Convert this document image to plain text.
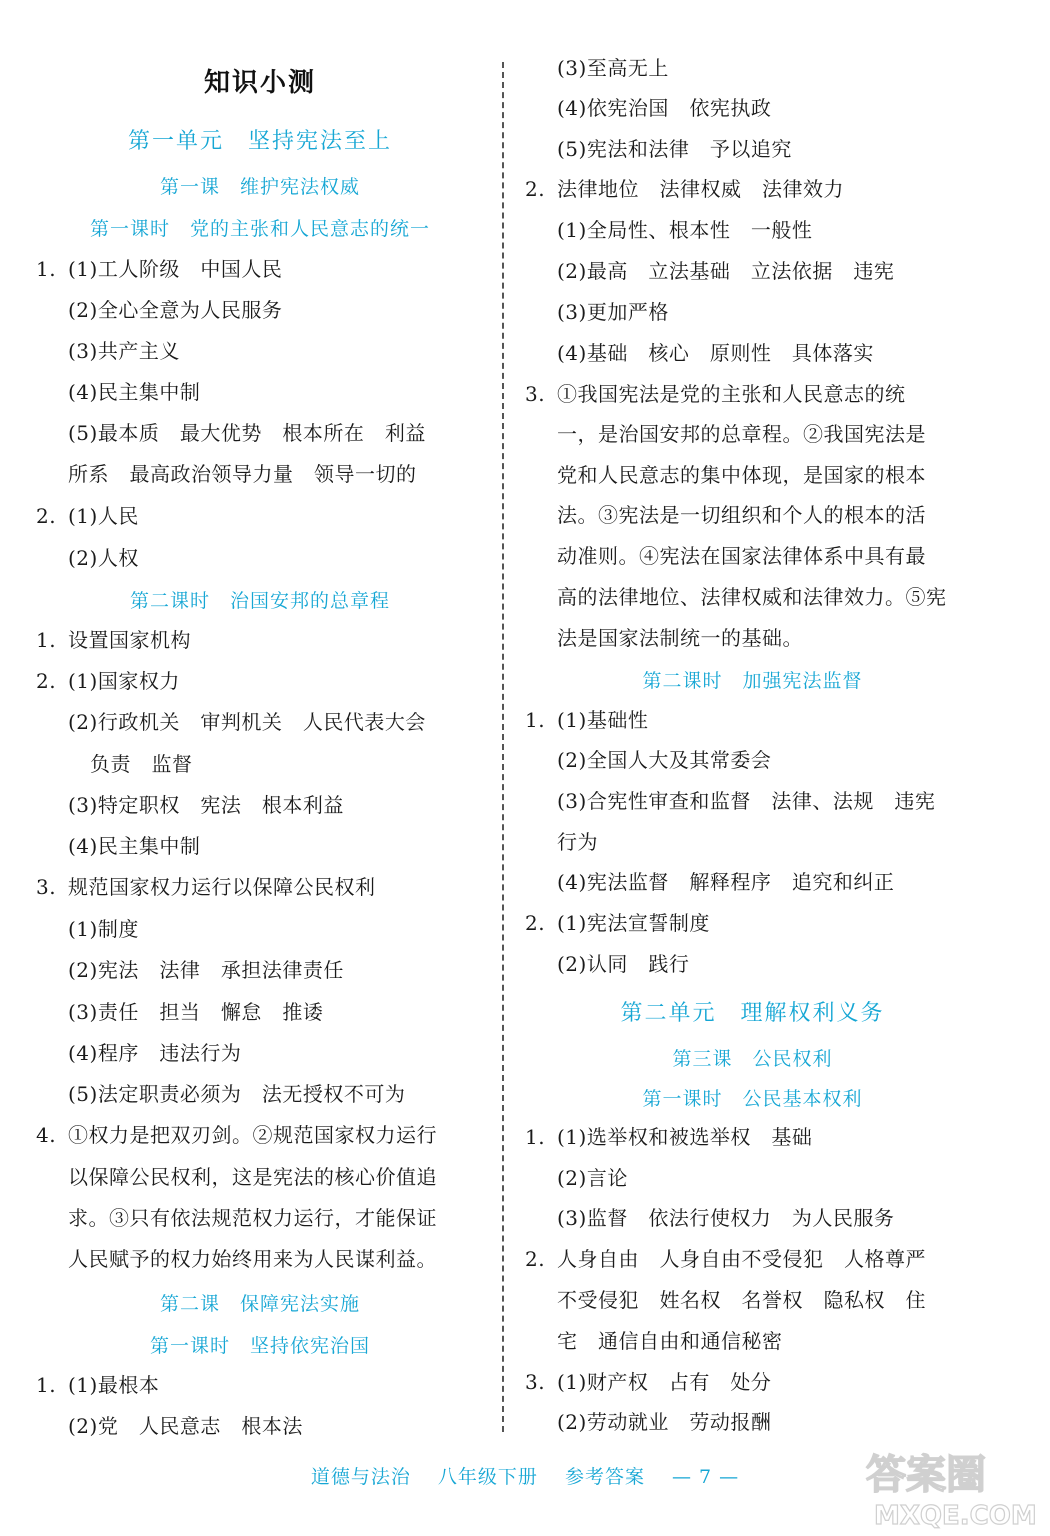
知识小测
第一单元　坚持宪法至上
第一课　维护宪法权威
第一课时　党的主张和人民意志的统一
1. (1)工人阶级　中国人民
(2)全心全意为人民服务
(3)共产主义
(4)民主集中制
(5)最本质　最大优势　根本所在　利益
所系　最高政治领导力量　领导一切的
2. (1)人民
(2)人权
第二课时　治国安邦的总章程
1. 设置国家机构
2. (1)国家权力
(2)行政机关　审判机关　人民代表大会
负责　监督
(3)特定职权　宪法　根本利益
(4)民主集中制
3. 规范国家权力运行以保障公民权利
(1)制度
(2)宪法　法律　承担法律责任
(3)责任　担当　懈怠　推诿
(4)程序　违法行为
(5)法定职责必须为　法无授权不可为
4. ①权力是把双刃剑。②规范国家权力运行
以保障公民权利，这是宪法的核心价值追
求。③只有依法规范权力运行，才能保证
人民赋予的权力始终用来为人民谋利益。
第二课　保障宪法实施
第一课时　坚持依宪治国
1. (1)最根本
(2)党　人民意志　根本法
(3)至高无上
(4)依宪治国　依宪执政
(5)宪法和法律　予以追究
2. 法律地位　法律权威　法律效力
(1)全局性、根本性　一般性
(2)最高　立法基础　立法依据　违宪
(3)更加严格
(4)基础　核心　原则性　具体落实
3. ①我国宪法是党的主张和人民意志的统
一，是治国安邦的总章程。②我国宪法是
党和人民意志的集中体现，是国家的根本
法。③宪法是一切组织和个人的根本的活
动准则。④宪法在国家法律体系中具有最
高的法律地位、法律权威和法律效力。⑤宪
法是国家法制统一的基础。
第二课时　加强宪法监督
1. (1)基础性
(2)全国人大及其常委会
(3)合宪性审查和监督　法律、法规　违宪
行为
(4)宪法监督　解释程序　追究和纠正
2. (1)宪法宣誓制度
(2)认同　践行
第二单元　理解权利义务
第三课　公民权利
第一课时　公民基本权利
1. (1)选举权和被选举权　基础
(2)言论
(3)监督　依法行使权力　为人民服务
2. 人身自由　人身自由不受侵犯　人格尊严
不受侵犯　姓名权　名誉权　隐私权　住
宅　通信自由和通信秘密
3. (1)财产权　占有　处分
(2)劳动就业　劳动报酬
道德与法治 八年级下册 参考答案 — 7 —	答案圈
MXQE.COM
